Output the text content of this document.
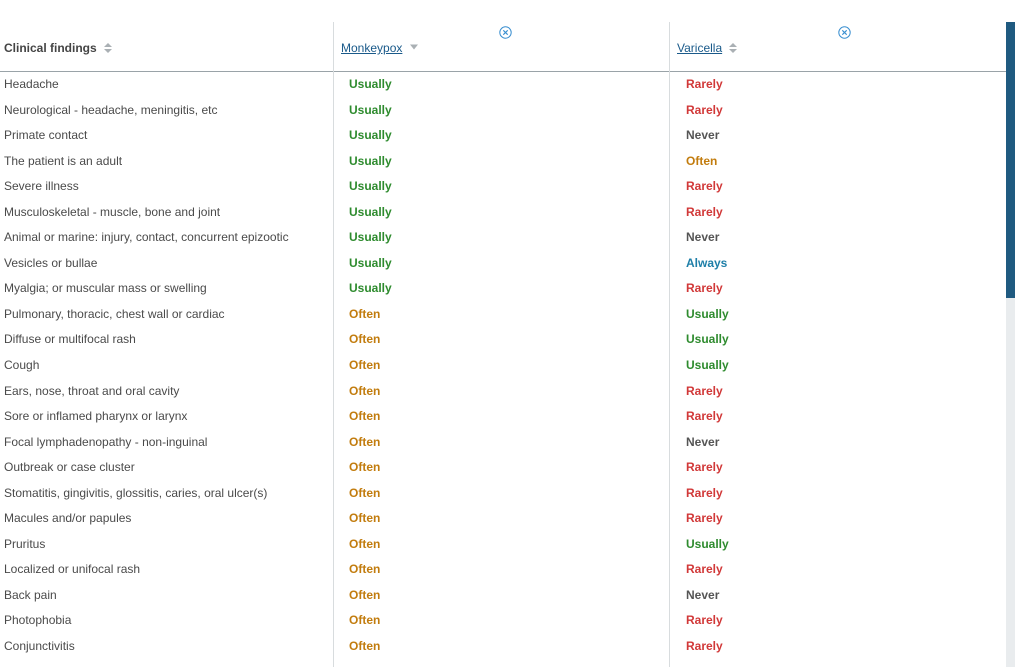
Clinical findings	Monkeypox	Varicella
Headache	Usually	Rarely
Neurological - headache, meningitis, etc	Usually	Rarely
Primate contact	Usually	Never
The patient is an adult	Usually	Often
Severe illness	Usually	Rarely
Musculoskeletal - muscle, bone and joint	Usually	Rarely
Animal or marine: injury, contact, concurrent epizootic	Usually	Never
Vesicles or bullae	Usually	Always
Myalgia; or muscular mass or swelling	Usually	Rarely
Pulmonary, thoracic, chest wall or cardiac	Often	Usually
Diffuse or multifocal rash	Often	Usually
Cough	Often	Usually
Ears, nose, throat and oral cavity	Often	Rarely
Sore or inflamed pharynx or larynx	Often	Rarely
Focal lymphadenopathy - non-inguinal	Often	Never
Outbreak or case cluster	Often	Rarely
Stomatitis, gingivitis, glossitis, caries, oral ulcer(s)	Often	Rarely
Macules and/or papules	Often	Rarely
Pruritus	Often	Usually
Localized or unifocal rash	Often	Rarely
Back pain	Often	Never
Photophobia	Often	Rarely
Conjunctivitis	Often	Rarely
